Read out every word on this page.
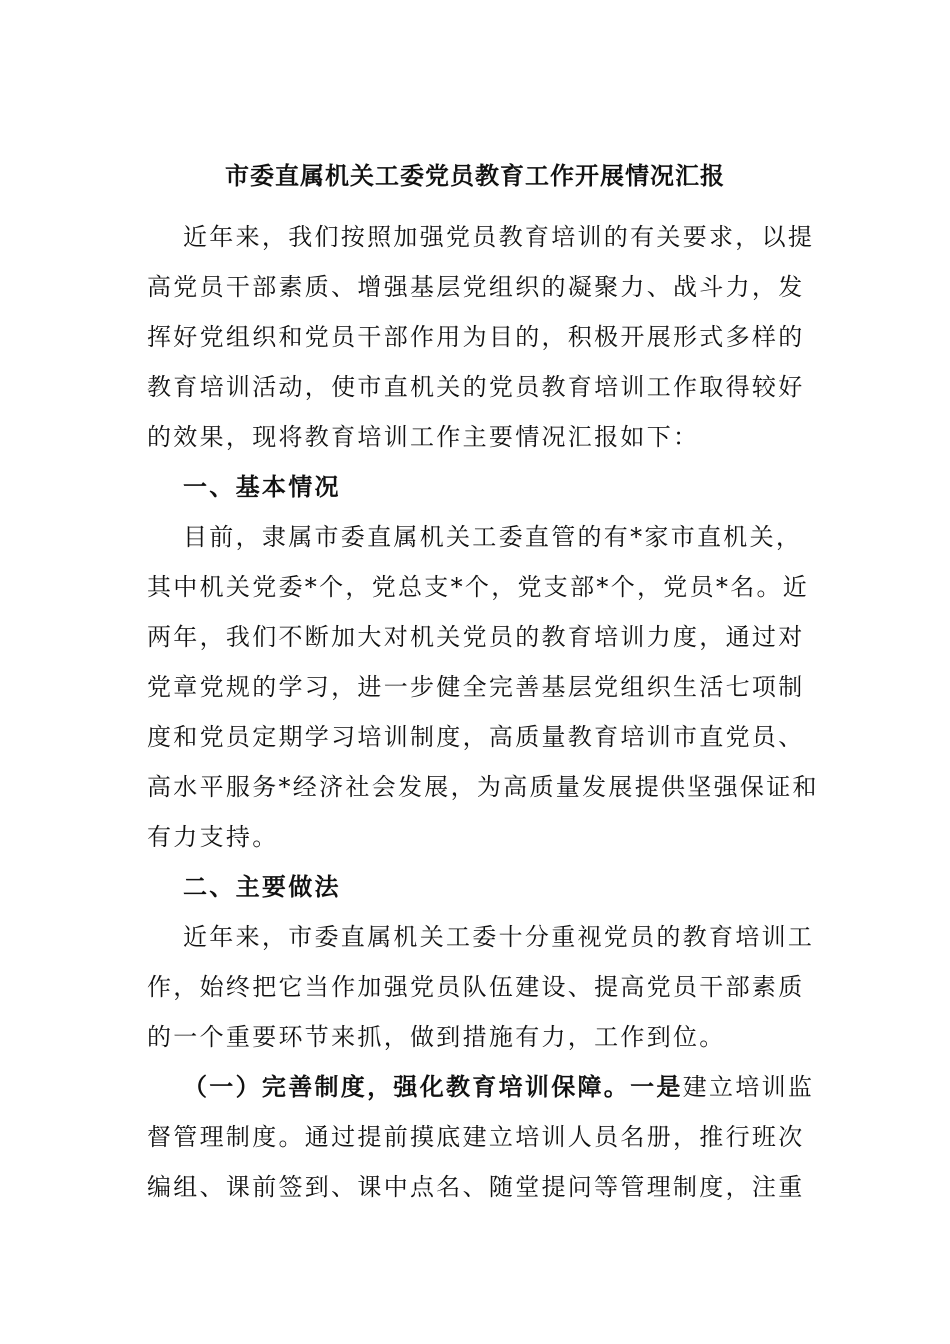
市委直属机关工委党员教育工作开展情况汇报
近年来，我们按照加强党员教育培训的有关要求，以提
高党员干部素质、增强基层党组织的凝聚力、战斗力，发
挥好党组织和党员干部作用为目的，积极开展形式多样的
教育培训活动，使市直机关的党员教育培训工作取得较好
的效果，现将教育培训工作主要情况汇报如下：
一、基本情况
目前，隶属市委直属机关工委直管的有*家市直机关，
其中机关党委*个，党总支*个，党支部*个，党员*名。近
两年，我们不断加大对机关党员的教育培训力度，通过对
党章党规的学习，进一步健全完善基层党组织生活七项制
度和党员定期学习培训制度，高质量教育培训市直党员、
高水平服务*经济社会发展，为高质量发展提供坚强保证和
有力支持。
二、主要做法
近年来，市委直属机关工委十分重视党员的教育培训工
作，始终把它当作加强党员队伍建设、提高党员干部素质
的一个重要环节来抓，做到措施有力，工作到位。
（一）完善制度，强化教育培训保障。一是建立培训监
督管理制度。通过提前摸底建立培训人员名册，推行班次
编组、课前签到、课中点名、随堂提问等管理制度，注重
